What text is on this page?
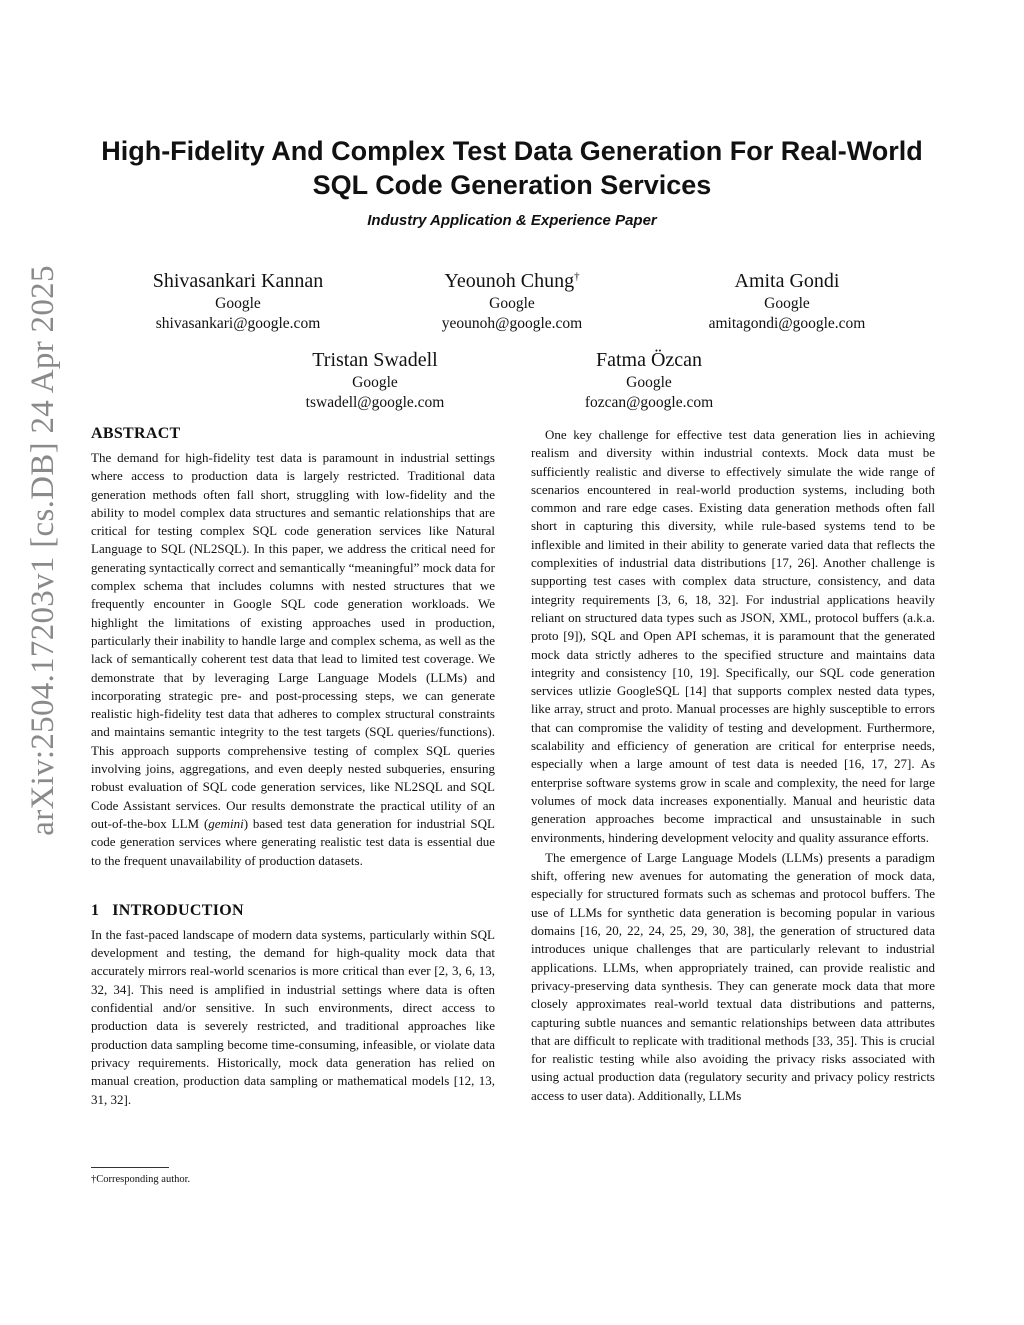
arXiv:2504.17203v1 [cs.DB] 24 Apr 2025
High-Fidelity And Complex Test Data Generation For Real-World SQL Code Generation Services

Industry Application & Experience Paper

Shivasankari Kannan
Google
shivasankari@google.com
Yeounoh Chung†
Google
yeounoh@google.com
Amita Gondi
Google
amitagondi@google.com
Tristan Swadell
Google
tswadell@google.com
Fatma Özcan
Google
fozcan@google.com
ABSTRACT

The demand for high-fidelity test data is paramount in industrial settings where access to production data is largely restricted. Traditional data generation methods often fall short, struggling with low-fidelity and the ability to model complex data structures and semantic relationships that are critical for testing complex SQL code generation services like Natural Language to SQL (NL2SQL). In this paper, we address the critical need for generating syntactically correct and semantically “meaningful” mock data for complex schema that includes columns with nested structures that we frequently encounter in Google SQL code generation workloads. We highlight the limitations of existing approaches used in production, particularly their inability to handle large and complex schema, as well as the lack of semantically coherent test data that lead to limited test coverage. We demonstrate that by leveraging Large Language Models (LLMs) and incorporating strategic pre- and post-processing steps, we can generate realistic high-fidelity test data that adheres to complex structural constraints and maintains semantic integrity to the test targets (SQL queries/functions). This approach supports comprehensive testing of complex SQL queries involving joins, aggregations, and even deeply nested subqueries, ensuring robust evaluation of SQL code generation services, like NL2SQL and SQL Code Assistant services. Our results demonstrate the practical utility of an out-of-the-box LLM (gemini) based test data generation for industrial SQL code generation services where generating realistic test data is essential due to the frequent unavailability of production datasets.

1 INTRODUCTION

In the fast-paced landscape of modern data systems, particularly within SQL development and testing, the demand for high-quality mock data that accurately mirrors real-world scenarios is more critical than ever [2, 3, 6, 13, 32, 34]. This need is amplified in industrial settings where data is often confidential and/or sensitive. In such environments, direct access to production data is severely restricted, and traditional approaches like production data sampling become time-consuming, infeasible, or violate data privacy requirements. Historically, mock data generation has relied on manual creation, production data sampling or mathematical models [12, 13, 31, 32].

†Corresponding author.

One key challenge for effective test data generation lies in achieving realism and diversity within industrial contexts. Mock data must be sufficiently realistic and diverse to effectively simulate the wide range of scenarios encountered in real-world production systems, including both common and rare edge cases. Existing data generation methods often fall short in capturing this diversity, while rule-based systems tend to be inflexible and limited in their ability to generate varied data that reflects the complexities of industrial data distributions [17, 26]. Another challenge is supporting test cases with complex data structure, consistency, and data integrity requirements [3, 6, 18, 32]. For industrial applications heavily reliant on structured data types such as JSON, XML, protocol buffers (a.k.a. proto [9]), SQL and Open API schemas, it is paramount that the generated mock data strictly adheres to the specified structure and maintains data integrity and consistency [10, 19]. Specifically, our SQL code generation services utlizie GoogleSQL [14] that supports complex nested data types, like array, struct and proto. Manual processes are highly susceptible to errors that can compromise the validity of testing and development. Furthermore, scalability and efficiency of generation are critical for enterprise needs, especially when a large amount of test data is needed [16, 17, 27]. As enterprise software systems grow in scale and complexity, the need for large volumes of mock data increases exponentially. Manual and heuristic data generation approaches become impractical and unsustainable in such environments, hindering development velocity and quality assurance efforts.

The emergence of Large Language Models (LLMs) presents a paradigm shift, offering new avenues for automating the generation of mock data, especially for structured formats such as schemas and protocol buffers. The use of LLMs for synthetic data generation is becoming popular in various domains [16, 20, 22, 24, 25, 29, 30, 38], the generation of structured data introduces unique challenges that are particularly relevant to industrial applications. LLMs, when appropriately trained, can provide realistic and privacy-preserving data synthesis. They can generate mock data that more closely approximates real-world textual data distributions and patterns, capturing subtle nuances and semantic relationships between data attributes that are difficult to replicate with traditional methods [33, 35]. This is crucial for realistic testing while also avoiding the privacy risks associated with using actual production data (regulatory security and privacy policy restricts access to user data). Additionally, LLMs
